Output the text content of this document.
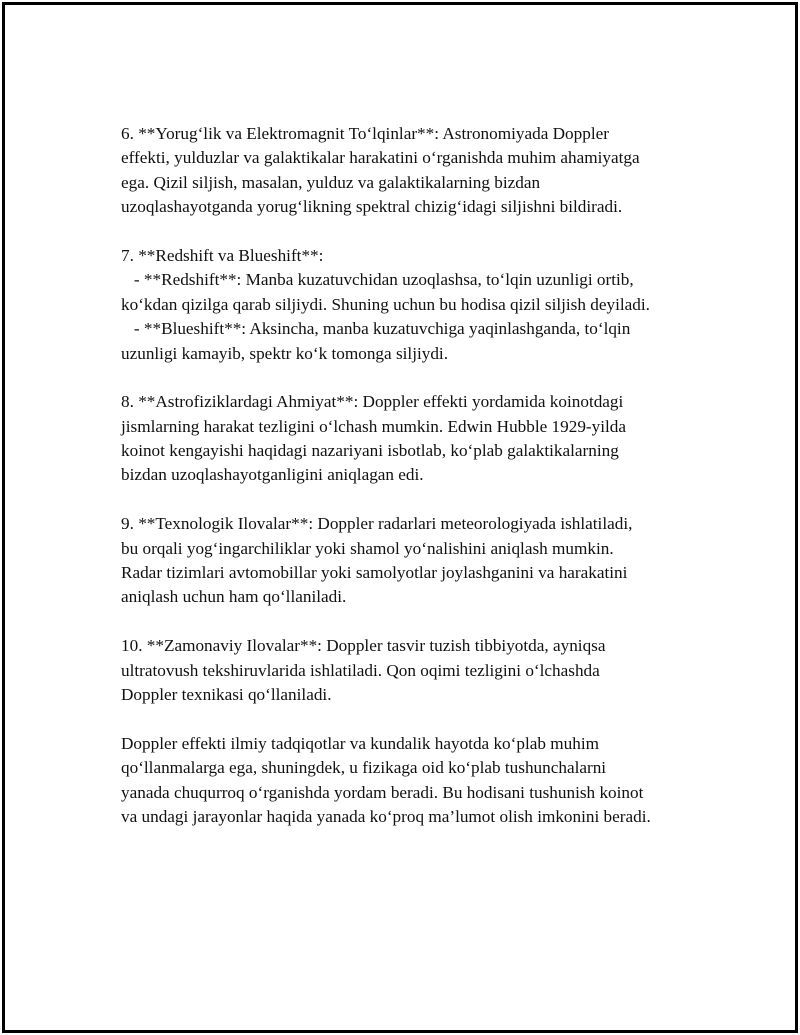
6. **Yorug‘lik va Elektromagnit To‘lqinlar**: Astronomiyada Doppler
effekti, yulduzlar va galaktikalar harakatini o‘rganishda muhim ahamiyatga
ega. Qizil siljish, masalan, yulduz va galaktikalarning bizdan
uzoqlashayotganda yorug‘likning spektral chizig‘idagi siljishni bildiradi.
7. **Redshift va Blueshift**:
- **Redshift**: Manba kuzatuvchidan uzoqlashsa, to‘lqin uzunligi ortib,
ko‘kdan qizilga qarab siljiydi. Shuning uchun bu hodisa qizil siljish deyiladi.
- **Blueshift**: Aksincha, manba kuzatuvchiga yaqinlashganda, to‘lqin
uzunligi kamayib, spektr ko‘k tomonga siljiydi.
8. **Astrofiziklardagi Ahmiyat**: Doppler effekti yordamida koinotdagi
jismlarning harakat tezligini o‘lchash mumkin. Edwin Hubble 1929-yilda
koinot kengayishi haqidagi nazariyani isbotlab, ko‘plab galaktikalarning
bizdan uzoqlashayotganligini aniqlagan edi.
9. **Texnologik Ilovalar**: Doppler radarlari meteorologiyada ishlatiladi,
bu orqali yog‘ingarchiliklar yoki shamol yo‘nalishini aniqlash mumkin.
Radar tizimlari avtomobillar yoki samolyotlar joylashganini va harakatini
aniqlash uchun ham qo‘llaniladi.
10. **Zamonaviy Ilovalar**: Doppler tasvir tuzish tibbiyotda, ayniqsa
ultratovush tekshiruvlarida ishlatiladi. Qon oqimi tezligini o‘lchashda
Doppler texnikasi qo‘llaniladi.
Doppler effekti ilmiy tadqiqotlar va kundalik hayotda ko‘plab muhim
qo‘llanmalarga ega, shuningdek, u fizikaga oid ko‘plab tushunchalarni
yanada chuqurroq o‘rganishda yordam beradi. Bu hodisani tushunish koinot
va undagi jarayonlar haqida yanada ko‘proq ma’lumot olish imkonini beradi.
